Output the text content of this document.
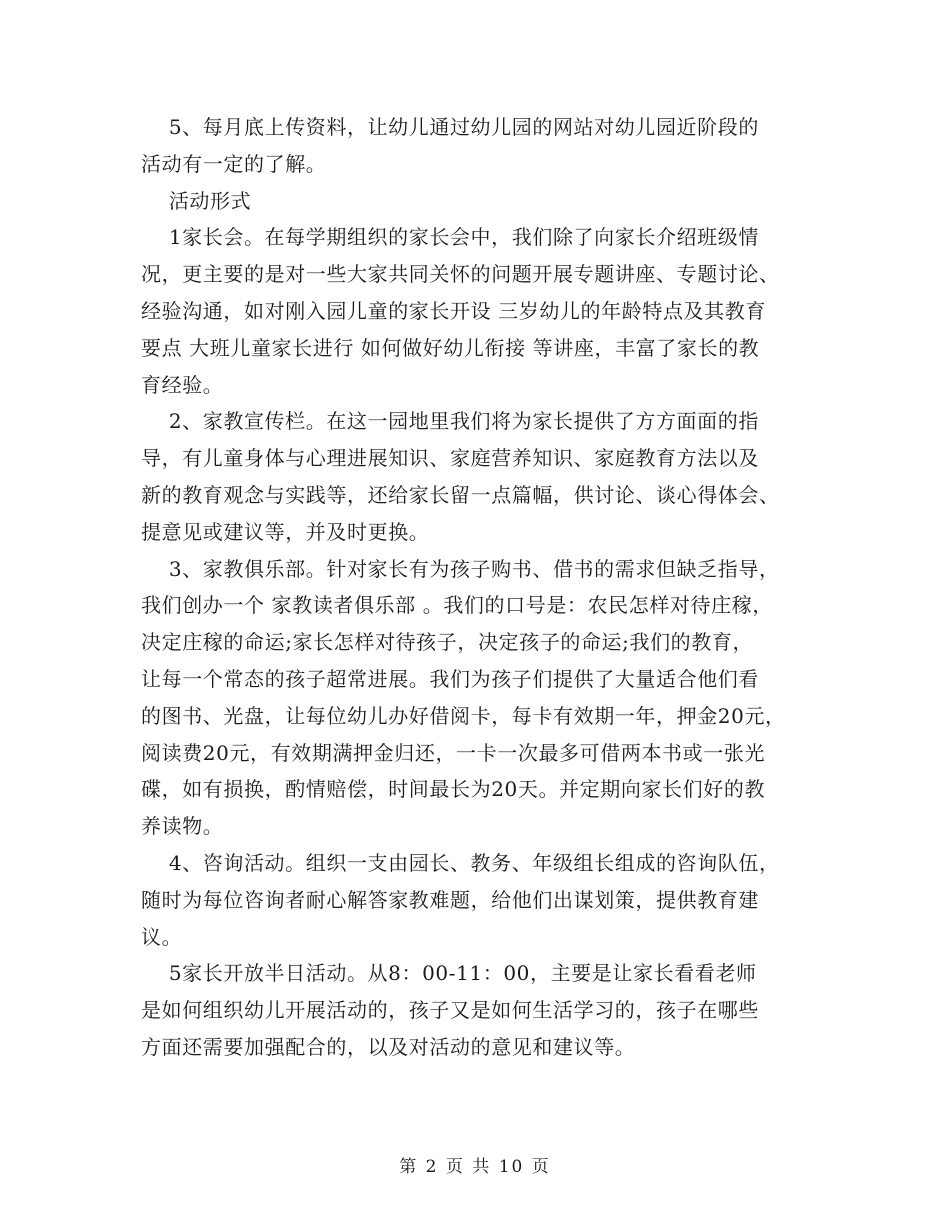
5、每月底上传资料，让幼儿通过幼儿园的网站对幼儿园近阶段的
活动有一定的了解。
活动形式
1家长会。在每学期组织的家长会中，我们除了向家长介绍班级情
况，更主要的是对一些大家共同关怀的问题开展专题讲座、专题讨论、
经验沟通，如对刚入园儿童的家长开设 三岁幼儿的年龄特点及其教育
要点 大班儿童家长进行 如何做好幼儿衔接 等讲座，丰富了家长的教
育经验。
2、家教宣传栏。在这一园地里我们将为家长提供了方方面面的指
导，有儿童身体与心理进展知识、家庭营养知识、家庭教育方法以及
新的教育观念与实践等，还给家长留一点篇幅，供讨论、谈心得体会、
提意见或建议等，并及时更换。
3、家教俱乐部。针对家长有为孩子购书、借书的需求但缺乏指导，
我们创办一个 家教读者俱乐部 。我们的口号是：农民怎样对待庄稼，
决定庄稼的命运;家长怎样对待孩子，决定孩子的命运;我们的教育，
让每一个常态的孩子超常进展。我们为孩子们提供了大量适合他们看
的图书、光盘，让每位幼儿办好借阅卡，每卡有效期一年，押金20元，
阅读费20元，有效期满押金归还，一卡一次最多可借两本书或一张光
碟，如有损换，酌情赔偿，时间最长为20天。并定期向家长们好的教
养读物。
4、咨询活动。组织一支由园长、教务、年级组长组成的咨询队伍，
随时为每位咨询者耐心解答家教难题，给他们出谋划策，提供教育建
议。
5家长开放半日活动。从8：00-11：00，主要是让家长看看老师
是如何组织幼儿开展活动的，孩子又是如何生活学习的，孩子在哪些
方面还需要加强配合的，以及对活动的意见和建议等。
第 2 页 共 10 页
